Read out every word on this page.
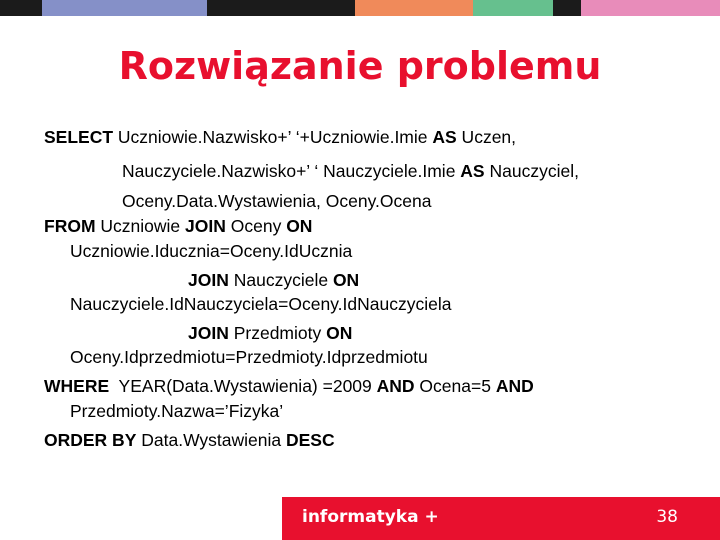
Rozwiązanie problemu
SELECT Uczniowie.Nazwisko+’ ‘+Uczniowie.Imie AS Uczen,
Nauczyciele.Nazwisko+’ ‘ Nauczyciele.Imie AS Nauczyciel,
Oceny.Data.Wystawienia, Oceny.Ocena
FROM Uczniowie JOIN Oceny ON
Uczniowie.Iducznia=Oceny.IdUcznia
JOIN Nauczyciele ON
Nauczyciele.IdNauczyciela=Oceny.IdNauczyciela
JOIN Przedmioty ON
Oceny.Idprzedmiotu=Przedmioty.Idprzedmiotu
WHERE  YEAR(Data.Wystawienia) =2009 AND Ocena=5 AND
Przedmioty.Nazwa=’Fizyka’
ORDER BY Data.Wystawienia DESC
informatyka +	38
